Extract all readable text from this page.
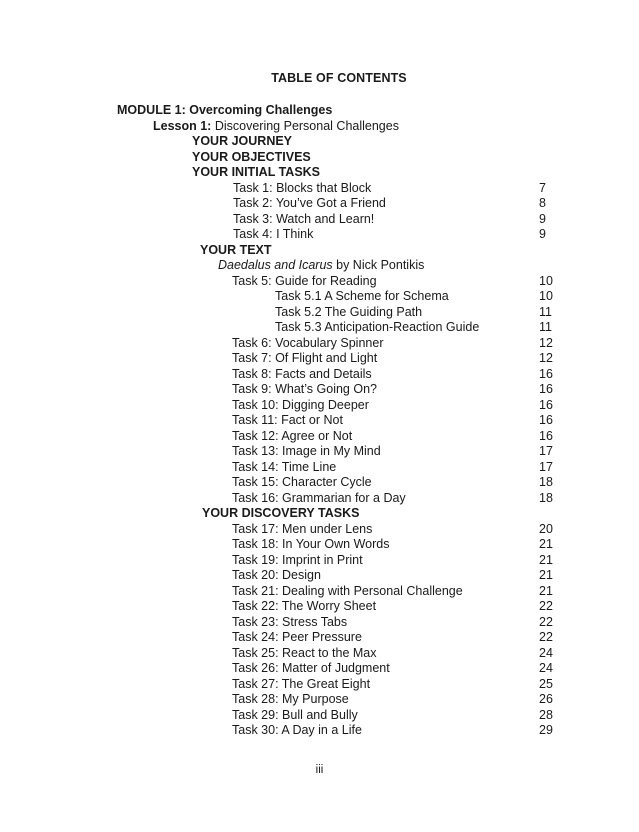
TABLE OF CONTENTS
MODULE 1: Overcoming Challenges
Lesson 1: Discovering Personal Challenges
YOUR JOURNEY
YOUR OBJECTIVES
YOUR INITIAL TASKS
Task 1: Blocks that Block	7
Task 2: You’ve Got a Friend	8
Task 3: Watch and Learn!	9
Task 4: I Think	9
YOUR TEXT
Daedalus and Icarus by Nick Pontikis
Task 5: Guide for Reading	10
Task 5.1 A Scheme for Schema	10
Task 5.2 The Guiding Path	11
Task 5.3 Anticipation-Reaction Guide	11
Task 6: Vocabulary Spinner	12
Task 7: Of Flight and Light	12
Task 8: Facts and Details	16
Task 9: What’s Going On?	16
Task 10: Digging Deeper	16
Task 11: Fact or Not	16
Task 12: Agree or Not	16
Task 13: Image in My Mind	17
Task 14: Time Line	17
Task 15: Character Cycle	18
Task 16: Grammarian for a Day	18
YOUR DISCOVERY TASKS
Task 17: Men under Lens	20
Task 18: In Your Own Words	21
Task 19: Imprint in Print	21
Task 20: Design	21
Task 21: Dealing with Personal Challenge	21
Task 22: The Worry Sheet	22
Task 23: Stress Tabs	22
Task 24: Peer Pressure	22
Task 25: React to the Max	24
Task 26: Matter of Judgment	24
Task 27: The Great Eight	25
Task 28: My Purpose	26
Task 29: Bull and Bully	28
Task 30: A Day in a Life	29
iii
